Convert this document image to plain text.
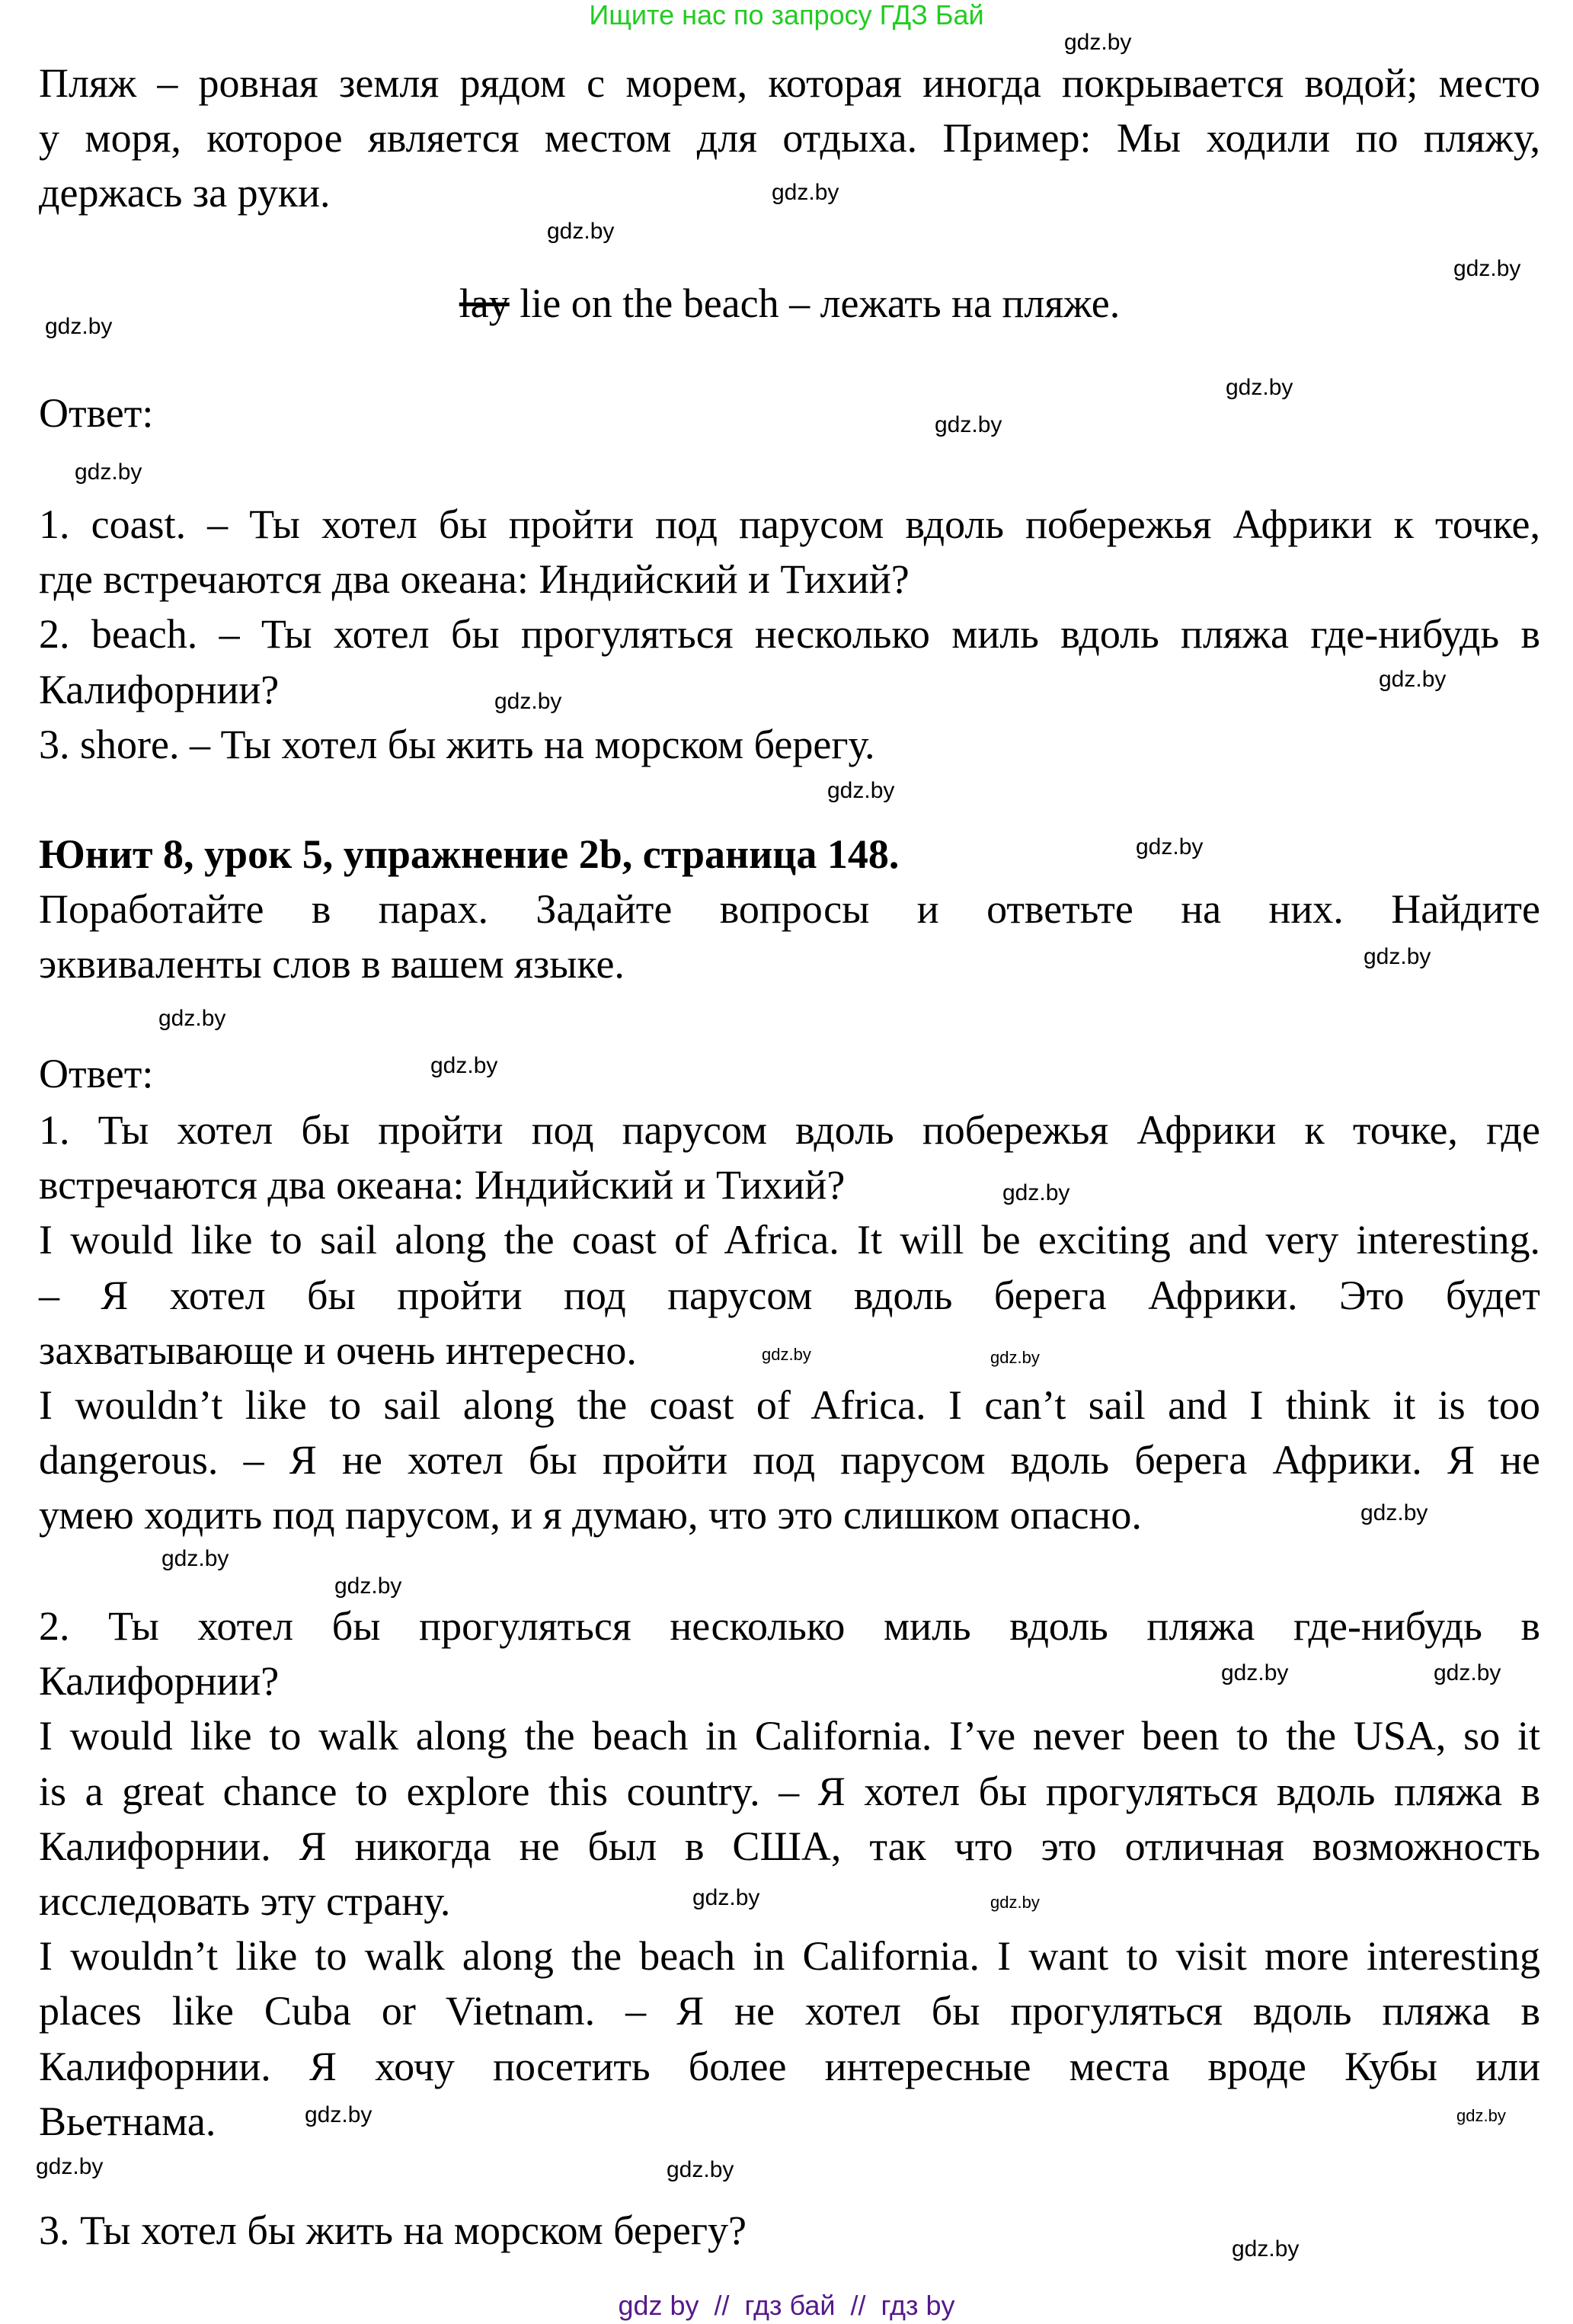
Ищите нас по запросу ГДЗ Бай
Пляж – ровная земля рядом с морем, которая иногда покрывается водой; место
у моря, которое является местом для отдыха. Пример: Мы ходили по пляжу,
держась за руки.
lay lie on the beach – лежать на пляже.
Ответ:
1. coast. – Ты хотел бы пройти под парусом вдоль побережья Африки к точке,
где встречаются два океана: Индийский и Тихий?
2. beach. – Ты хотел бы прогуляться несколько миль вдоль пляжа где-нибудь в
Калифорнии?
3. shore. – Ты хотел бы жить на морском берегу.
Юнит 8, урок 5, упражнение 2b, страница 148.
Поработайте в парах. Задайте вопросы и ответьте на них. Найдите
эквиваленты слов в вашем языке.
Ответ:
1. Ты хотел бы пройти под парусом вдоль побережья Африки к точке, где
встречаются два океана: Индийский и Тихий?
I would like to sail along the coast of Africa. It will be exciting and very interesting.
– Я хотел бы пройти под парусом вдоль берега Африки. Это будет
захватывающе и очень интересно.
I wouldn’t like to sail along the coast of Africa. I can’t sail and I think it is too
dangerous. – Я не хотел бы пройти под парусом вдоль берега Африки. Я не
умею ходить под парусом, и я думаю, что это слишком опасно.
2. Ты хотел бы прогуляться несколько миль вдоль пляжа где-нибудь в
Калифорнии?
I would like to walk along the beach in California. I’ve never been to the USA, so it
is a great chance to explore this country. – Я хотел бы прогуляться вдоль пляжа в
Калифорнии. Я никогда не был в США, так что это отличная возможность
исследовать эту страну.
I wouldn’t like to walk along the beach in California. I want to visit more interesting
places like Cuba or Vietnam. – Я не хотел бы прогуляться вдоль пляжа в
Калифорнии. Я хочу посетить более интересные места вроде Кубы или
Вьетнама.
3. Ты хотел бы жить на морском берегу?
gdz.by
gdz.by
gdz.by
gdz.by
gdz.by
gdz.by
gdz.by
gdz.by
gdz.by
gdz.by
gdz.by
gdz.by
gdz.by
gdz.by
gdz.by
gdz.by
gdz.by	gdz.by
gdz.by
gdz.by
gdz.by
gdz.by	gdz.by
gdz.by
gdz.by
gdz.by
gdz.by
gdz.by	gdz.by
gdz.by
gdz by  //  гдз бай  //  гдз by
